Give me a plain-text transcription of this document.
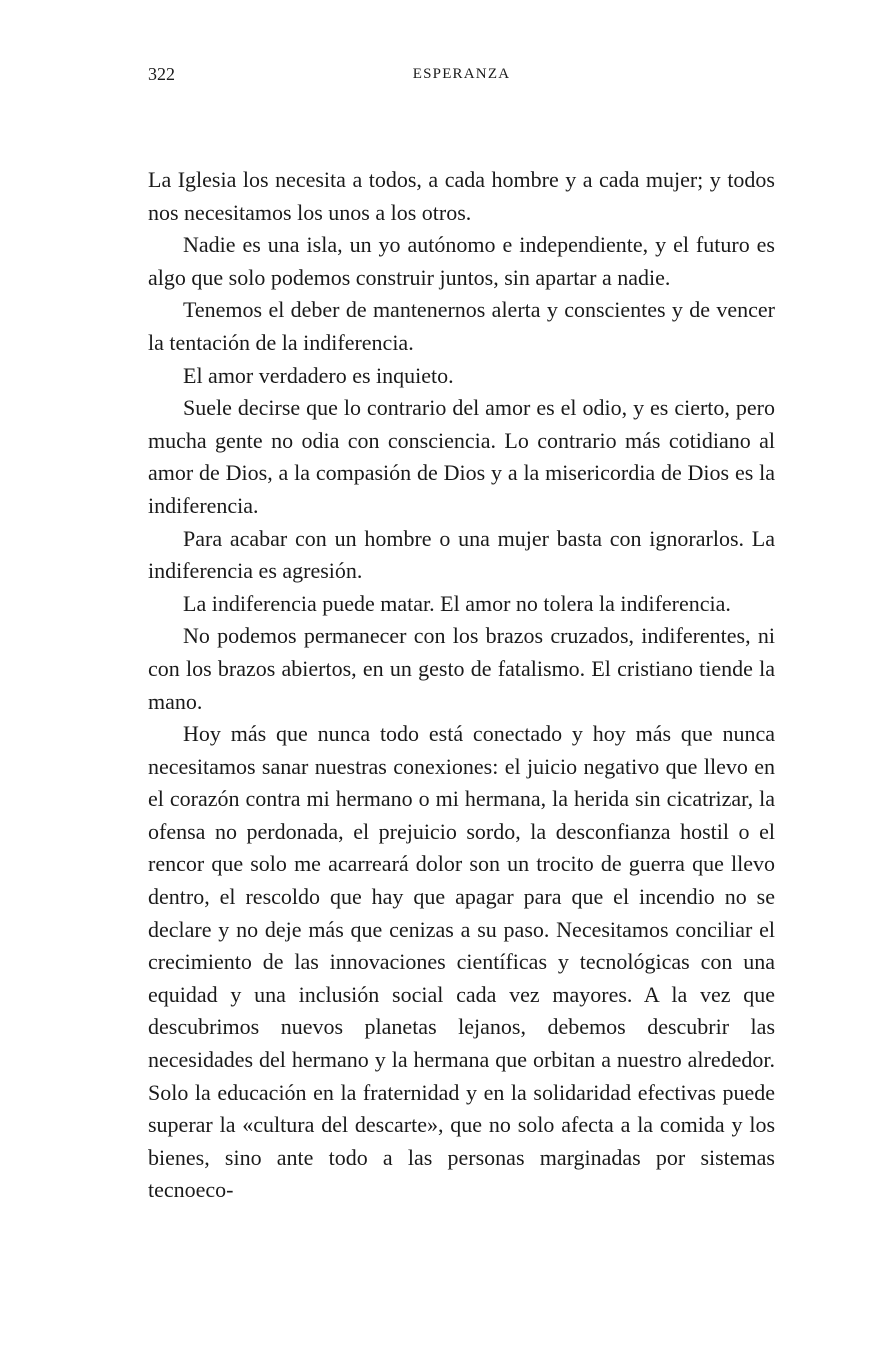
322	ESPERANZA

La Iglesia los necesita a todos, a cada hombre y a cada mujer; y todos nos necesitamos los unos a los otros.

Nadie es una isla, un yo autónomo e independiente, y el futuro es algo que solo podemos construir juntos, sin apartar a nadie.

Tenemos el deber de mantenernos alerta y conscientes y de vencer la tentación de la indiferencia.

El amor verdadero es inquieto.

Suele decirse que lo contrario del amor es el odio, y es cierto, pero mucha gente no odia con consciencia. Lo contrario más cotidiano al amor de Dios, a la compasión de Dios y a la misericordia de Dios es la indiferencia.

Para acabar con un hombre o una mujer basta con ignorarlos. La indiferencia es agresión.

La indiferencia puede matar. El amor no tolera la indiferencia.

No podemos permanecer con los brazos cruzados, indiferentes, ni con los brazos abiertos, en un gesto de fatalismo. El cristiano tiende la mano.

Hoy más que nunca todo está conectado y hoy más que nunca necesitamos sanar nuestras conexiones: el juicio negativo que llevo en el corazón contra mi hermano o mi hermana, la herida sin cicatrizar, la ofensa no perdonada, el prejuicio sordo, la desconfianza hostil o el rencor que solo me acarreará dolor son un trocito de guerra que llevo dentro, el rescoldo que hay que apagar para que el incendio no se declare y no deje más que cenizas a su paso. Necesitamos conciliar el crecimiento de las innovaciones científicas y tecnológicas con una equidad y una inclusión social cada vez mayores. A la vez que descubrimos nuevos planetas lejanos, debemos descubrir las necesidades del hermano y la hermana que orbitan a nuestro alrededor. Solo la educación en la fraternidad y en la solidaridad efectivas puede superar la «cultura del descarte», que no solo afecta a la comida y los bienes, sino ante todo a las personas marginadas por sistemas tecnoeco-
